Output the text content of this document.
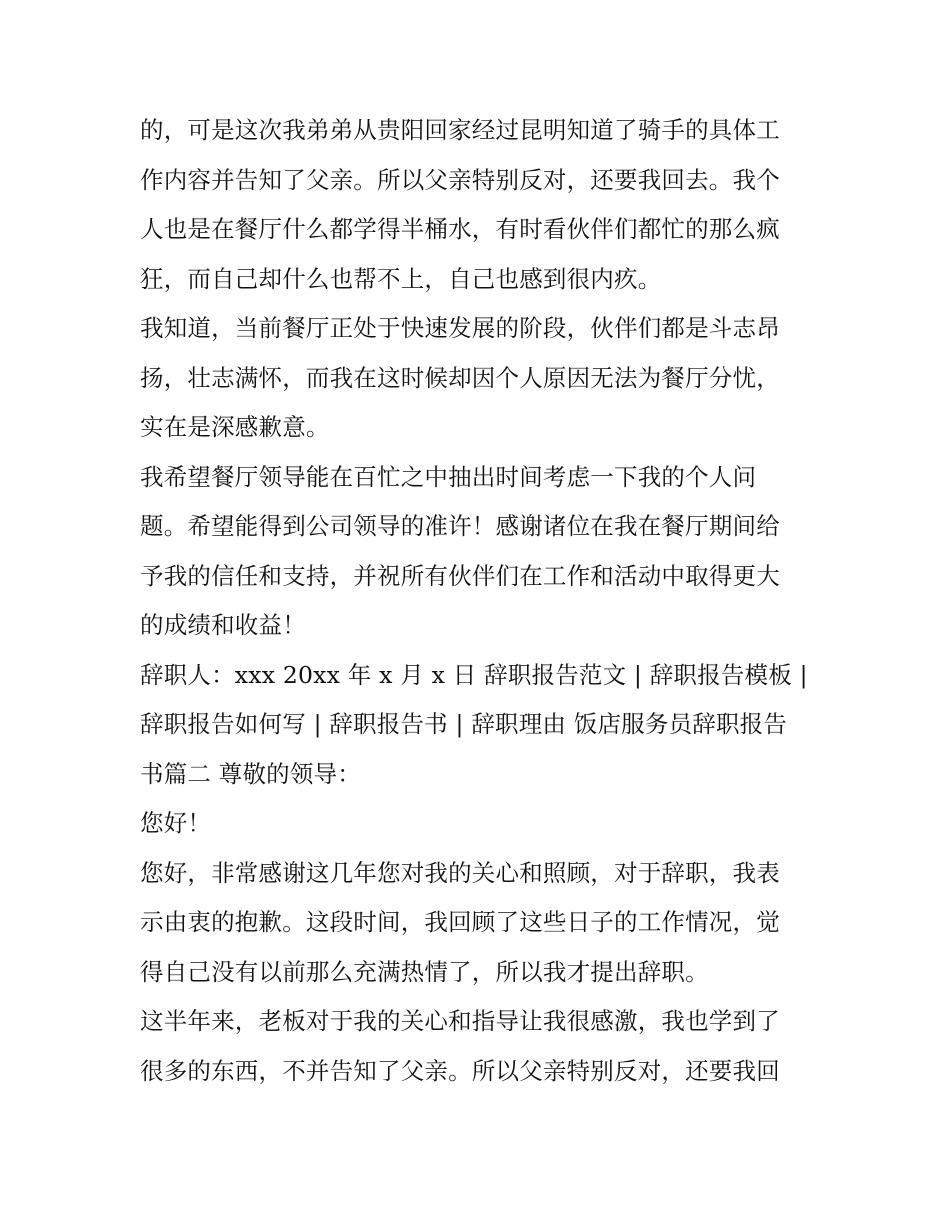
的，可是这次我弟弟从贵阳回家经过昆明知道了骑手的具体工
作内容并告知了父亲。所以父亲特别反对，还要我回去。我个
人也是在餐厅什么都学得半桶水，有时看伙伴们都忙的那么疯
狂，而自己却什么也帮不上，自己也感到很内疚。
我知道，当前餐厅正处于快速发展的阶段，伙伴们都是斗志昂
扬，壮志满怀，而我在这时候却因个人原因无法为餐厅分忧，
实在是深感歉意。
我希望餐厅领导能在百忙之中抽出时间考虑一下我的个人问
题。希望能得到公司领导的准许！感谢诸位在我在餐厅期间给
予我的信任和支持，并祝所有伙伴们在工作和活动中取得更大
的成绩和收益！
辞职人：xxx 20xx 年 x 月 x 日 辞职报告范文 | 辞职报告模板 |
辞职报告如何写 | 辞职报告书 | 辞职理由 饭店服务员辞职报告
书篇二 尊敬的领导：
您好！
您好，非常感谢这几年您对我的关心和照顾，对于辞职，我表
示由衷的抱歉。这段时间，我回顾了这些日子的工作情况，觉
得自己没有以前那么充满热情了，所以我才提出辞职。
这半年来，老板对于我的关心和指导让我很感激，我也学到了
很多的东西，不并告知了父亲。所以父亲特别反对，还要我回
